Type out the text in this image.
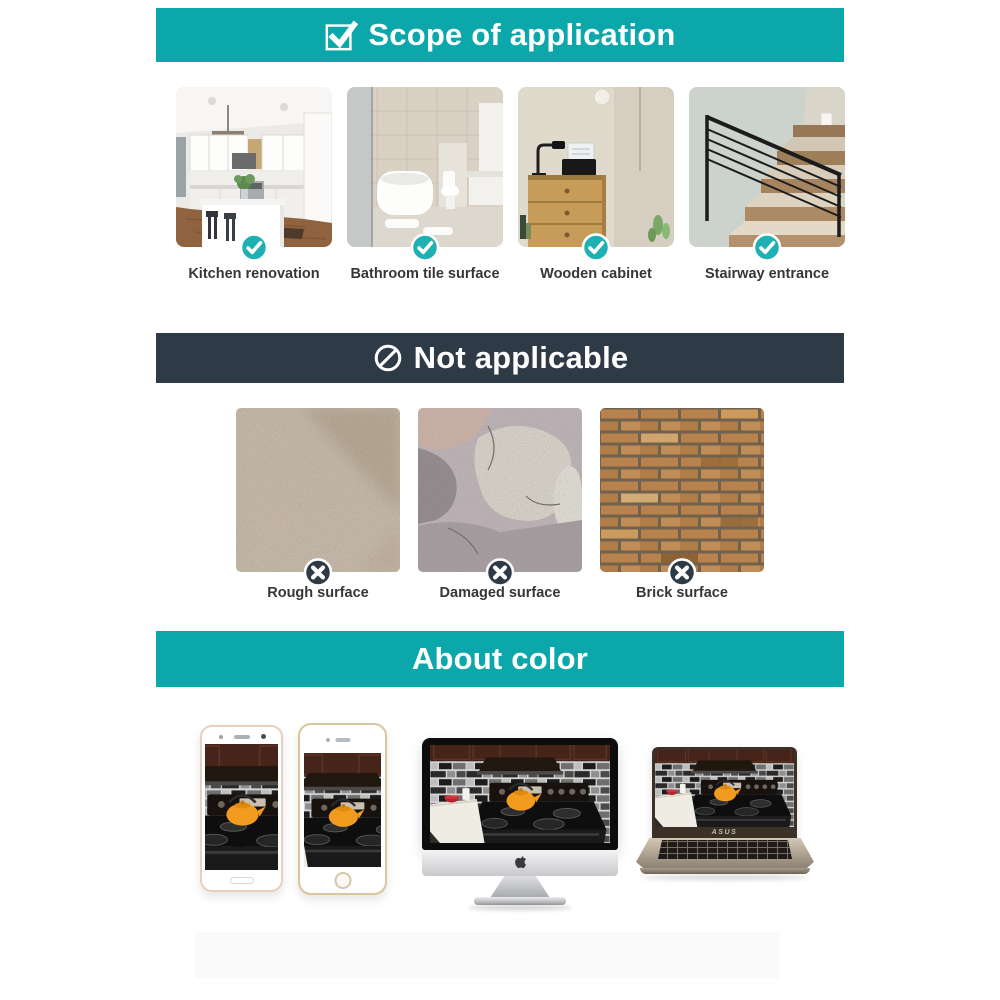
Scope of application
Kitchen renovation	Bathroom tile surface	Wooden cabinet	Stairway entrance
Not applicable
Rough surface	Damaged surface	Brick surface
About color
ASUS
